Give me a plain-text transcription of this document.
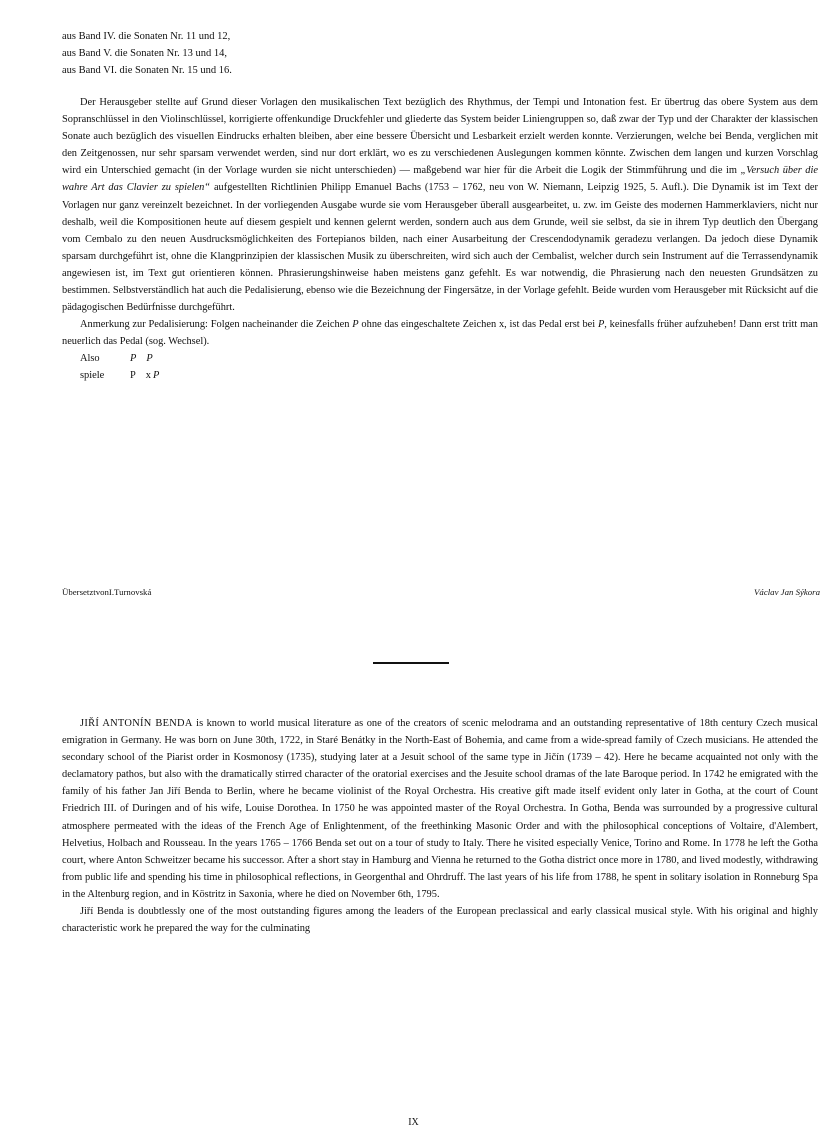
aus Band IV. die Sonaten Nr. 11 und 12,
aus Band V. die Sonaten Nr. 13 und 14,
aus Band VI. die Sonaten Nr. 15 und 16.

Der Herausgeber stellte auf Grund dieser Vorlagen den musikalischen Text bezüglich des Rhythmus, der Tempi und Intonation fest. Er übertrug das obere System aus dem Sopranschlüssel in den Violinschlüssel, korrigierte offenkundige Druckfehler und gliederte das System beider Liniengruppen so, daß zwar der Typ und der Charakter der klassischen Sonate auch bezüglich des visuellen Eindrucks erhalten bleiben, aber eine bessere Übersicht und Lesbarkeit erzielt werden konnte. Verzierungen, welche bei Benda, verglichen mit den Zeitgenossen, nur sehr sparsam verwendet werden, sind nur dort erklärt, wo es zu verschiedenen Auslegungen kommen könnte. Zwischen dem langen und kurzen Vorschlag wird ein Unterschied gemacht (in der Vorlage wurden sie nicht unterschieden) — maßgebend war hier für die Arbeit die Logik der Stimmführung und die im „Versuch über die wahre Art das Clavier zu spielen“ aufgestellten Richtlinien Philipp Emanuel Bachs (1753 – 1762, neu von W. Niemann, Leipzig 1925, 5. Aufl.). Die Dynamik ist im Text der Vorlagen nur ganz vereinzelt bezeichnet. In der vorliegenden Ausgabe wurde sie vom Herausgeber überall ausgearbeitet, u. zw. im Geiste des modernen Hammerklaviers, nicht nur deshalb, weil die Kompositionen heute auf diesem gespielt und kennen gelernt werden, sondern auch aus dem Grunde, weil sie selbst, da sie in ihrem Typ deutlich den Übergang vom Cembalo zu den neuen Ausdrucksmöglichkeiten des Fortepianos bilden, nach einer Ausarbeitung der Crescendodynamik geradezu verlangen. Da jedoch diese Dynamik sparsam durchgeführt ist, ohne die Klangprinzipien der klassischen Musik zu überschreiten, wird sich auch der Cembalist, welcher durch sein Instrument auf die Terrassendynamik angewiesen ist, im Text gut orientieren können. Phrasierungshinweise haben meistens ganz gefehlt. Es war notwendig, die Phrasierung nach den neuesten Grundsätzen zu bestimmen. Selbstverständlich hat auch die Pedalisierung, ebenso wie die Bezeichnung der Fingersätze, in der Vorlage gefehlt. Beide wurden vom Herausgeber mit Rücksicht auf die pädagogischen Bedürfnisse durchgeführt.

Anmerkung zur Pedalisierung: Folgen nacheinander die Zeichen P ohne das eingeschaltete Zeichen x, ist das Pedal erst bei P, keinesfalls früher aufzuheben! Dann erst tritt man neuerlich das Pedal (sog. Wechsel).

Also	P P
spiele	P x P
ÜbersetztvonI.Turnovská	Václav Jan Sýkora

JIŘÍ ANTONÍN BENDA is known to world musical literature as one of the creators of scenic melodrama and an outstanding representative of 18th century Czech musical emigration in Germany. He was born on June 30th, 1722, in Staré Benátky in the North-East of Bohemia, and came from a wide-spread family of Czech musicians. He attended the secondary school of the Piarist order in Kosmonosy (1735), studying later at a Jesuit school of the same type in Jičín (1739 – 42). Here he became acquainted not only with the declamatory pathos, but also with the dramatically stirred character of the oratorial exercises and the Jesuite school dramas of the late Baroque period. In 1742 he emigrated with the family of his father Jan Jiří Benda to Berlin, where he became violinist of the Royal Orchestra. His creative gift made itself evident only later in Gotha, at the court of Count Friedrich III. of Duringen and of his wife, Louise Dorothea. In 1750 he was appointed master of the Royal Orchestra. In Gotha, Benda was surrounded by a progressive cultural atmosphere permeated with the ideas of the French Age of Enlightenment, of the freethinking Masonic Order and with the philosophical conceptions of Voltaire, d'Alembert, Helvetius, Holbach and Rousseau. In the years 1765 – 1766 Benda set out on a tour of study to Italy. There he visited especially Venice, Torino and Rome. In 1778 he left the Gotha court, where Anton Schweitzer became his successor. After a short stay in Hamburg and Vienna he returned to the Gotha district once more in 1780, and lived modestly, withdrawing from public life and spending his time in philosophical reflections, in Georgenthal and Ohrdruff. The last years of his life from 1788, he spent in solitary isolation in Ronneburg Spa in the Altenburg region, and in Köstritz in Saxonia, where he died on November 6th, 1795.

Jiří Benda is doubtlessly one of the most outstanding figures among the leaders of the European preclassical and early classical musical style. With his original and highly characteristic work he prepared the way for the culminating

IX
